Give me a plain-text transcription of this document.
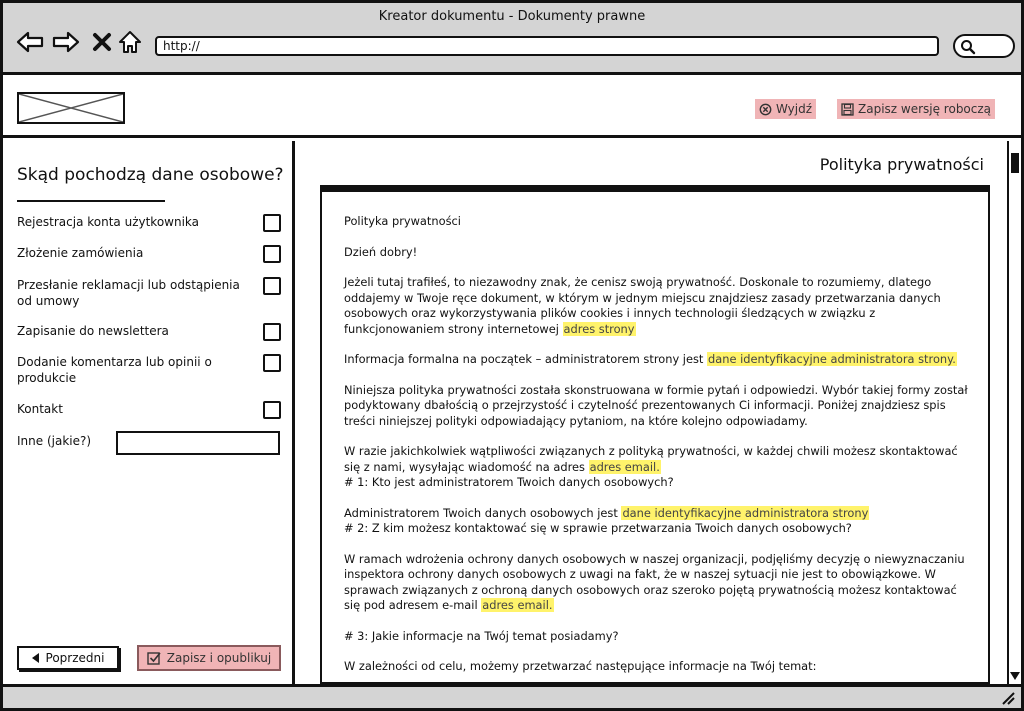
Kreator dokumentu - Dokumenty prawne
http://
Wyjdź	Zapisz wersję roboczą
Skąd pochodzą dane osobowe?
Rejestracja konta użytkownika
Złożenie zamówienia
Przesłanie reklamacji lub odstąpienia od umowy
Zapisanie do newslettera
Dodanie komentarza lub opinii o produkcie
Kontakt
Inne (jakie?)
Poprzedni	Zapisz i opublikuj
Polityka prywatności

Polityka prywatności

Dzień dobry!

Jeżeli tutaj trafiłeś, to niezawodny znak, że cenisz swoją prywatność. Doskonale to rozumiemy, dlatego oddajemy w Twoje ręce dokument, w którym w jednym miejscu znajdziesz zasady przetwarzania danych osobowych oraz wykorzystywania plików cookies i innych technologii śledzących w związku z funkcjonowaniem strony internetowej adres strony

Informacja formalna na początek – administratorem strony jest dane identyfikacyjne administratora strony.

Niniejsza polityka prywatności została skonstruowana w formie pytań i odpowiedzi. Wybór takiej formy został podyktowany dbałością o przejrzystość i czytelność prezentowanych Ci informacji. Poniżej znajdziesz spis treści niniejszej polityki odpowiadający pytaniom, na które kolejno odpowiadamy.

W razie jakichkolwiek wątpliwości związanych z polityką prywatności, w każdej chwili możesz skontaktować się z nami, wysyłając wiadomość na adres adres email.
# 1: Kto jest administratorem Twoich danych osobowych?

Administratorem Twoich danych osobowych jest dane identyfikacyjne administratora strony
# 2: Z kim możesz kontaktować się w sprawie przetwarzania Twoich danych osobowych?

W ramach wdrożenia ochrony danych osobowych w naszej organizacji, podjęliśmy decyzję o niewyznaczaniu inspektora ochrony danych osobowych z uwagi na fakt, że w naszej sytuacji nie jest to obowiązkowe. W sprawach związanych z ochroną danych osobowych oraz szeroko pojętą prywatnością możesz kontaktować się pod adresem e-mail adres email.

# 3: Jakie informacje na Twój temat posiadamy?

W zależności od celu, możemy przetwarzać następujące informacje na Twój temat:
